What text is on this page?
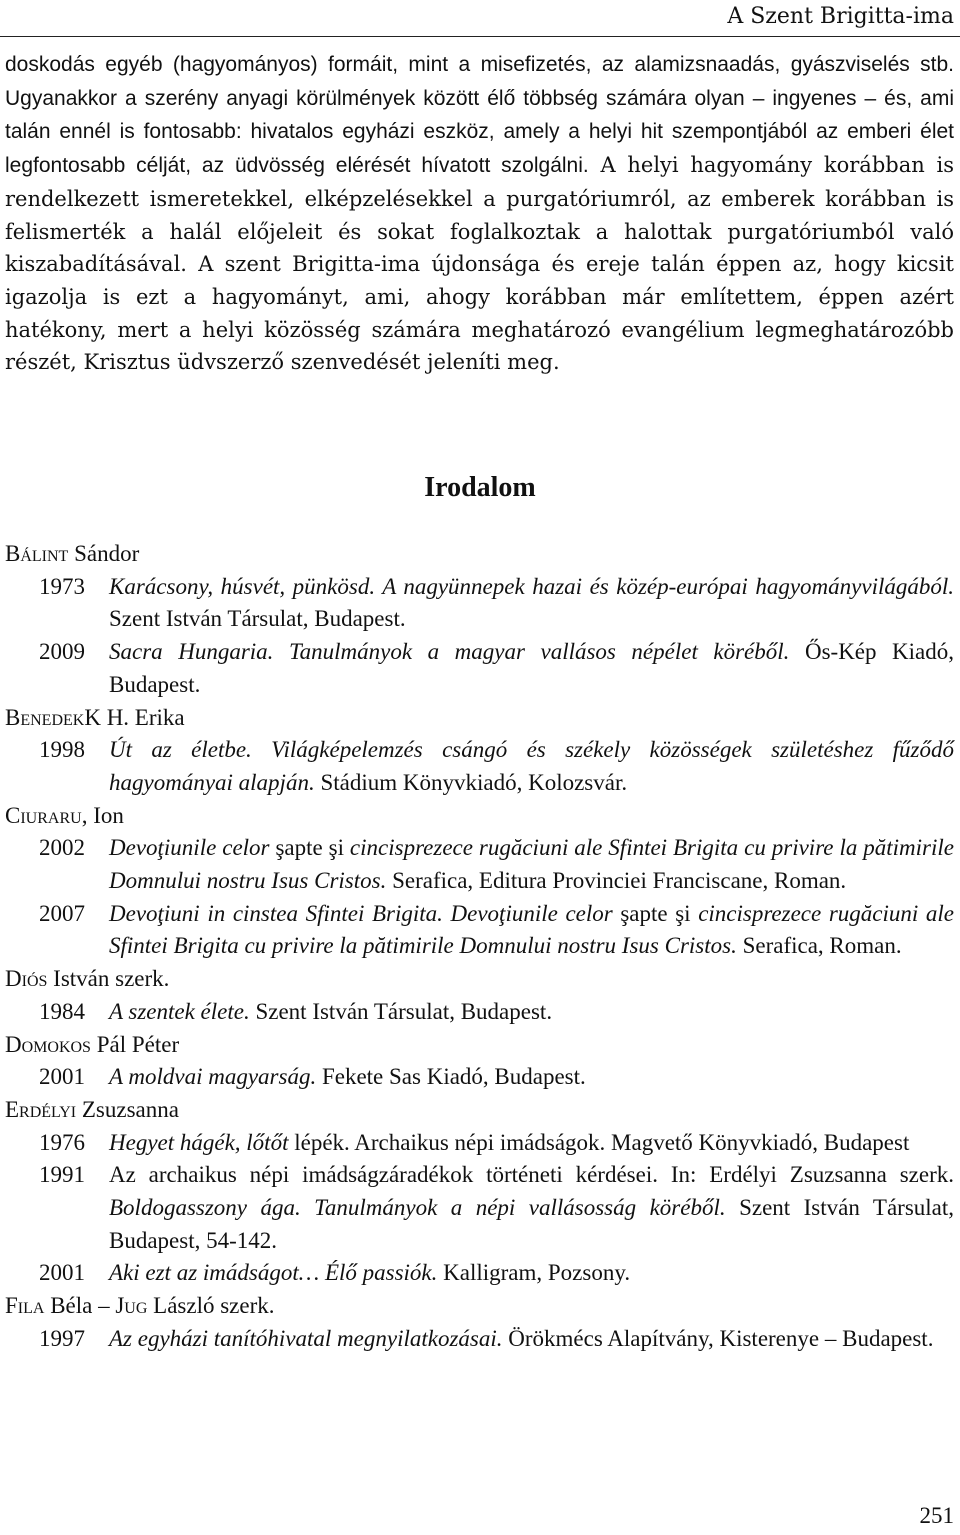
A Szent Brigitta-ima
doskodás egyéb (hagyományos) formáit, mint a misefizetés, az alamizsnaadás, gyászviselés stb. Ugyanakkor a szerény anyagi körülmények között élő többség számára olyan – ingyenes – és, ami talán ennél is fontosabb: hivatalos egyházi eszköz, amely a helyi hit szempontjából az emberi élet legfontosabb célját, az üdvösség elérését hívatott szolgálni. A helyi hagyomány korábban is rendelkezett ismeretekkel, elképzelésekkel a purgatóriumról, az emberek korábban is felismerték a halál előjeleit és sokat foglalkoztak a halottak purgatóriumból való kiszabadításával. A szent Brigitta-ima újdonsága és ereje talán éppen az, hogy kicsit igazolja is ezt a hagyományt, ami, ahogy korábban már említettem, éppen azért hatékony, mert a helyi közösség számára meghatározó evangélium legmeghatározóbb részét, Krisztus üdvszerző szenvedését jeleníti meg.
Irodalom

Bálint Sándor

1973 Karácsony, húsvét, pünkösd. A nagyünnepek hazai és közép-európai hagyományvilágából. Szent István Társulat, Budapest.

2009 Sacra Hungaria. Tanulmányok a magyar vallásos népélet köréből. Ős-Kép Kiadó, Budapest.

BenedekK H. Erika

1998 Út az életbe. Világképelemzés csángó és székely közösségek születéshez fűződő hagyományai alapján. Stádium Könyvkiadó, Kolozsvár.

Ciuraru, Ion

2002 Devoţiunile celor şapte şi cincisprezece rugăciuni ale Sfintei Brigita cu privire la pătimirile Domnului nostru Isus Cristos. Serafica, Editura Provinciei Franciscane, Roman.

2007 Devoţiuni in cinstea Sfintei Brigita. Devoţiunile celor şapte şi cincisprezece rugăciuni ale Sfintei Brigita cu privire la pătimirile Domnului nostru Isus Cristos. Serafica, Roman.

Diós István szerk.

1984 A szentek élete. Szent István Társulat, Budapest.

Domokos Pál Péter

2001 A moldvai magyarság. Fekete Sas Kiadó, Budapest.

Erdélyi Zsuzsanna

1976 Hegyet hágék, lőtőt lépék. Archaikus népi imádságok. Magvető Könyvkiadó, Budapest

1991 Az archaikus népi imádságzáradékok történeti kérdései. In: Erdélyi Zsuzsanna szerk. Boldogasszony ága. Tanulmányok a népi vallásosság köréből. Szent István Társulat, Budapest, 54-142.

2001 Aki ezt az imádságot… Élő passiók. Kalligram, Pozsony.

Fila Béla – Jug László szerk.

1997 Az egyházi tanítóhivatal megnyilatkozásai. Örökmécs Alapítvány, Kisterenye – Budapest.

251
